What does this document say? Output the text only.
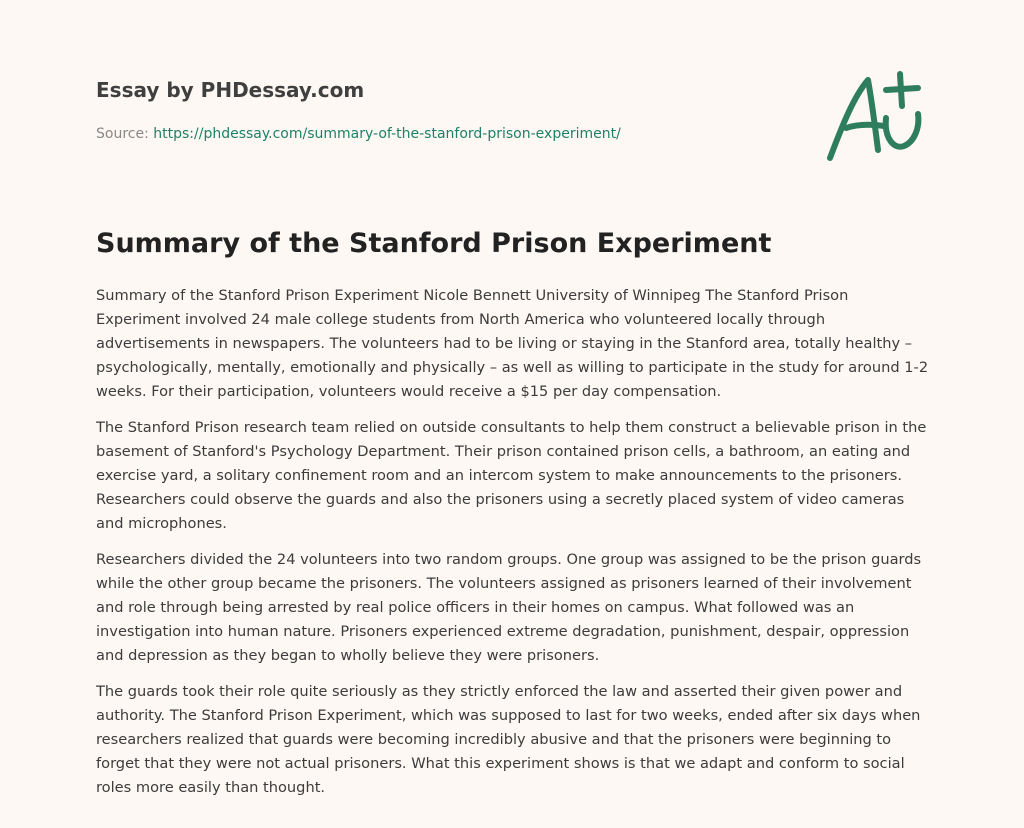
Essay by PHDessay.com
Source: https://phdessay.com/summary-of-the-stanford-prison-experiment/
Summary of the Stanford Prison Experiment

Summary of the Stanford Prison Experiment Nicole Bennett University of Winnipeg The Stanford Prison Experiment involved 24 male college students from North America who volunteered locally through advertisements in newspapers. The volunteers had to be living or staying in the Stanford area, totally healthy – psychologically, mentally, emotionally and physically – as well as willing to participate in the study for around 1-2 weeks. For their participation, volunteers would receive a $15 per day compensation.

The Stanford Prison research team relied on outside consultants to help them construct a believable prison in the basement of Stanford's Psychology Department. Their prison contained prison cells, a bathroom, an eating and exercise yard, a solitary confinement room and an intercom system to make announcements to the prisoners. Researchers could observe the guards and also the prisoners using a secretly placed system of video cameras and microphones.

Researchers divided the 24 volunteers into two random groups. One group was assigned to be the prison guards while the other group became the prisoners. The volunteers assigned as prisoners learned of their involvement and role through being arrested by real police officers in their homes on campus. What followed was an investigation into human nature. Prisoners experienced extreme degradation, punishment, despair, oppression and depression as they began to wholly believe they were prisoners.

The guards took their role quite seriously as they strictly enforced the law and asserted their given power and authority. The Stanford Prison Experiment, which was supposed to last for two weeks, ended after six days when researchers realized that guards were becoming incredibly abusive and that the prisoners were beginning to forget that they were not actual prisoners. What this experiment shows is that we adapt and conform to social roles more easily than thought.
